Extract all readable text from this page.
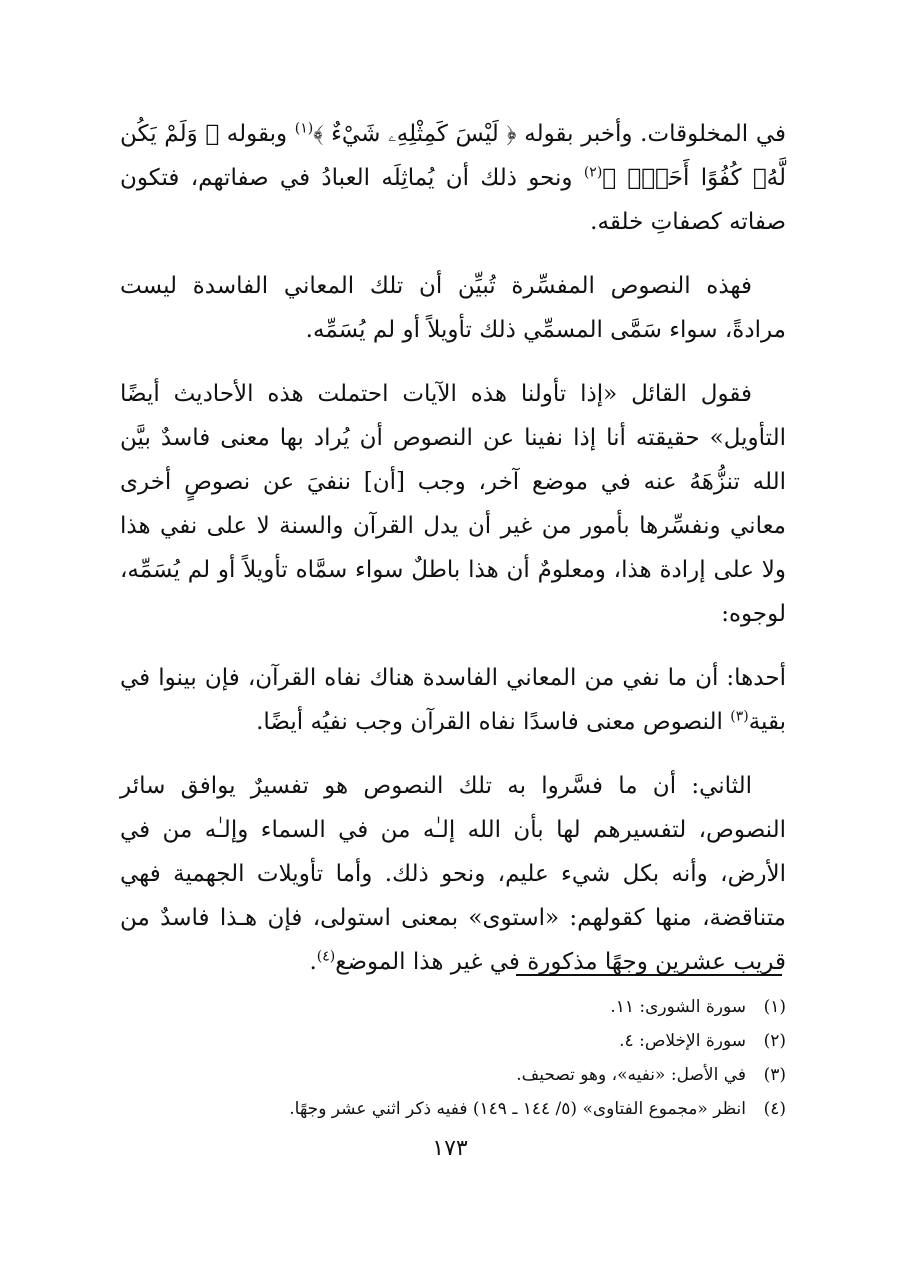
في المخلوقات. وأخبر بقوله ﴿ لَيْسَ كَمِثْلِهِۦ شَيْءٌ ﴾$^{(١)}$ وبقوله ﴿ وَلَمْ يَكُن لَّهُۥ كُفُوًا أَحَدٌۢ ﴾$^{(٢)}$ ونحو ذلك أن يُماثِلَه العبادُ في صفاتهم، فتكون صفاته كصفاتِ خلقه.

فهذه النصوص المفسِّرة تُبيِّن أن تلك المعاني الفاسدة ليست مرادةً، سواء سَمَّى المسمِّي ذلك تأويلاً أو لم يُسَمِّه.

فقول القائل «إذا تأولنا هذه الآيات احتملت هذه الأحاديث أيضًا التأويل» حقيقته أنا إذا نفينا عن النصوص أن يُراد بها معنى فاسدٌ بيَّن الله تنزُّهَهُ عنه في موضع آخر، وجب [أن] ننفيَ عن نصوصٍ أخرى معاني ونفسِّرها بأمور من غير أن يدل القرآن والسنة لا على نفي هذا ولا على إرادة هذا، ومعلومٌ أن هذا باطلٌ سواء سمَّاه تأويلاً أو لم يُسَمِّه، لوجوه:

أحدها: أن ما نفي من المعاني الفاسدة هناك نفاه القرآن، فإن بينوا في بقية$^{(٣)}$ النصوص معنى فاسدًا نفاه القرآن وجب نفيُه أيضًا.

الثاني: أن ما فسَّروا به تلك النصوص هو تفسيرٌ يوافق سائر النصوص، لتفسيرهم لها بأن الله إلـٰه من في السماء وإلـٰه من في الأرض، وأنه بكل شيء عليم، ونحو ذلك. وأما تأويلات الجهمية فهي متناقضة، منها كقولهم: «استوى» بمعنى استولى، فإن هـذا فاسدٌ من قريب عشرين وجهًا مذكورة في غير هذا الموضع$^{(٤)}$.

(١)سورة الشورى: ١١.

(٢)سورة الإخلاص: ٤.

(٣)في الأصل: «نفيه»، وهو تصحيف.

(٤)انظر «مجموع الفتاوى» (٥/ ١٤٤ ـ ١٤٩) ففيه ذكر اثني عشر وجهًا.

١٧٣
